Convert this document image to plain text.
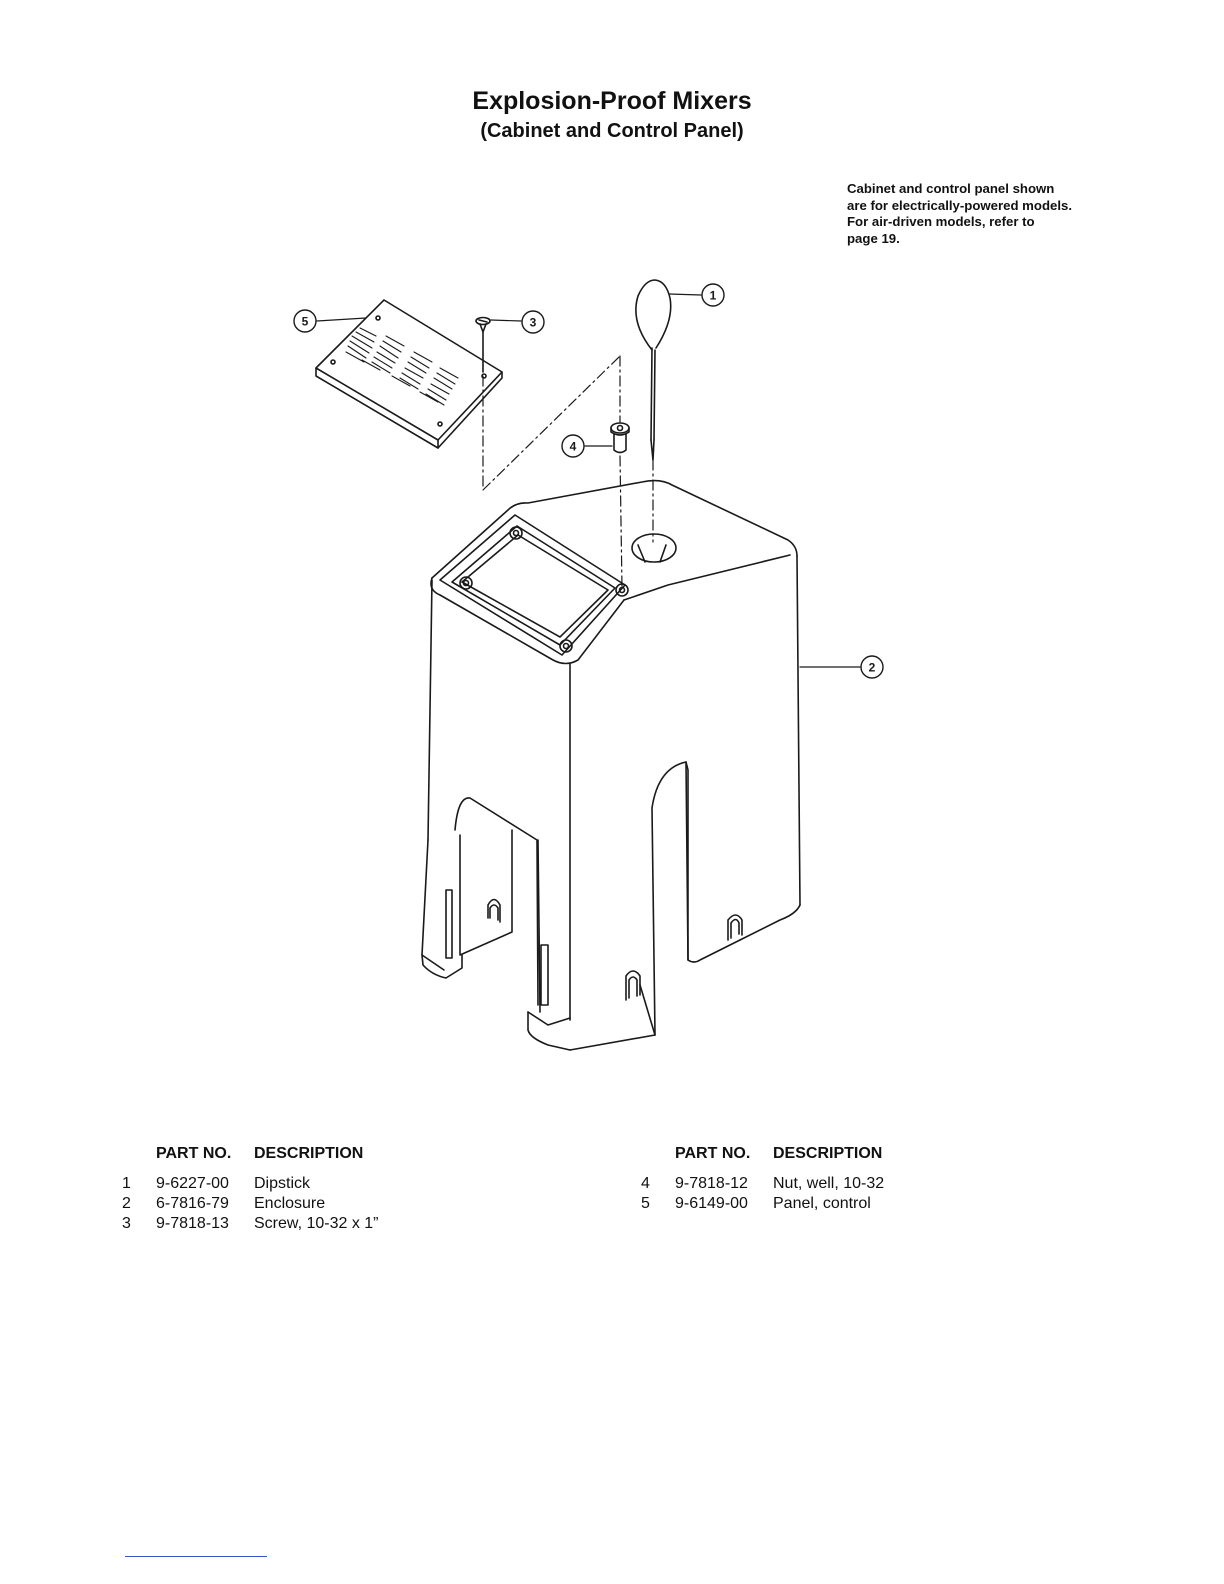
Explosion-Proof Mixers
(Cabinet and Control Panel)
Cabinet and control panel shown
are for electrically-powered models.
For air-driven models, refer to
page 19.
5	3
4
1
2
PART NO. DESCRIPTION
1 9-6227-00 Dipstick
2 6-7816-79 Enclosure
3 9-7818-13 Screw, 10-32 x 1”
PART NO. DESCRIPTION
4 9-7818-12 Nut, well, 10-32
5 9-6149-00 Panel, control
